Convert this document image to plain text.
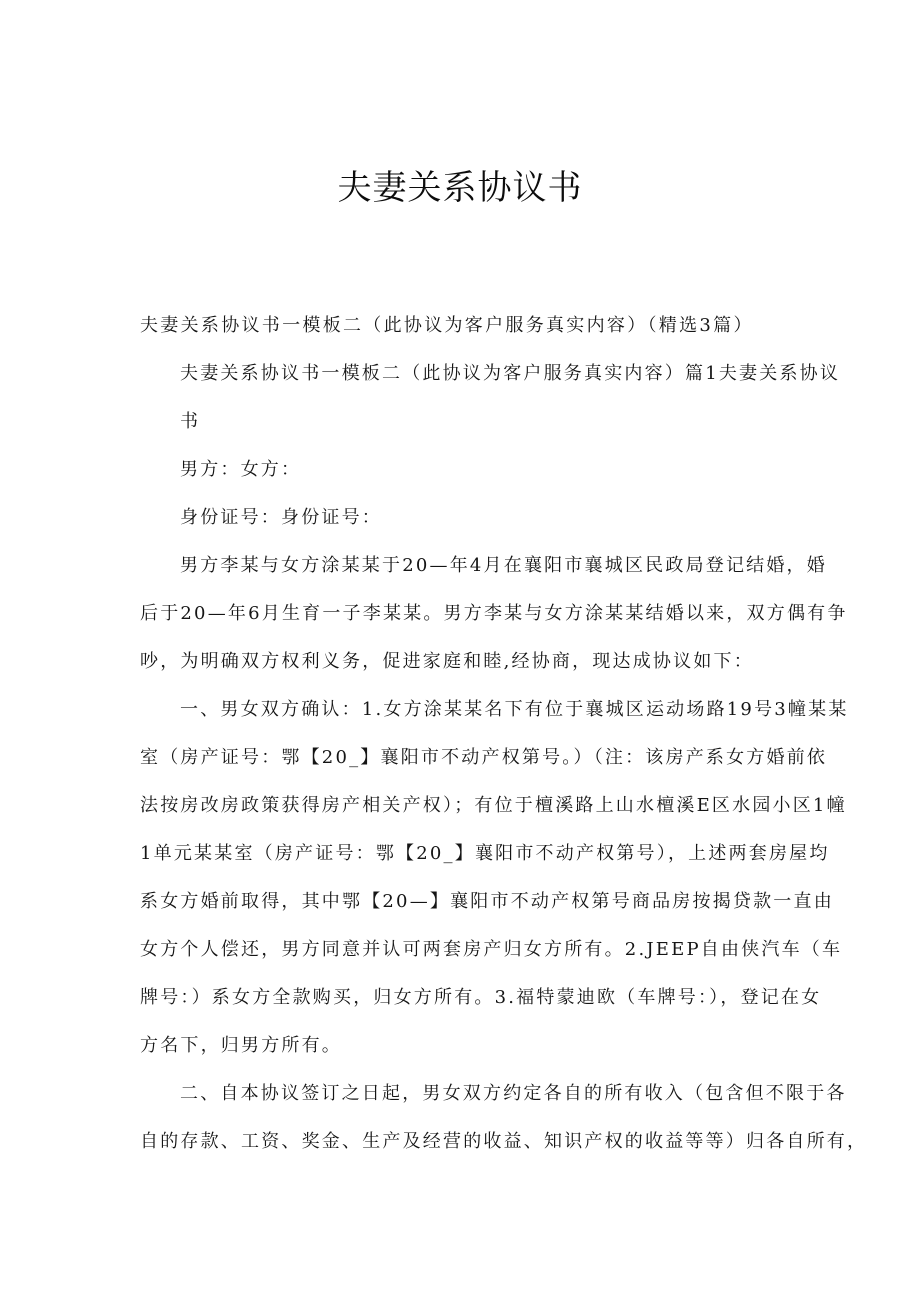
夫妻关系协议书
夫妻关系协议书一模板二（此协议为客户服务真实内容）（精选3篇）
夫妻关系协议书一模板二（此协议为客户服务真实内容）篇1夫妻关系协议
书
男方：女方：
身份证号：身份证号：
男方李某与女方涂某某于20—年4月在襄阳市襄城区民政局登记结婚，婚
后于20—年6月生育一子李某某。男方李某与女方涂某某结婚以来，双方偶有争
吵，为明确双方权利义务，促进家庭和睦,经协商，现达成协议如下：
一、男女双方确认：1.女方涂某某名下有位于襄城区运动场路19号3幢某某
室（房产证号：鄂【20_】襄阳市不动产权第号。）（注：该房产系女方婚前依
法按房改房政策获得房产相关产权）；有位于檀溪路上山水檀溪E区水园小区1幢
1单元某某室（房产证号：鄂【20_】襄阳市不动产权第号），上述两套房屋均
系女方婚前取得，其中鄂【20—】襄阳市不动产权第号商品房按揭贷款一直由
女方个人偿还，男方同意并认可两套房产归女方所有。2.JEEP自由侠汽车（车
牌号：）系女方全款购买，归女方所有。3.福特蒙迪欧（车牌号：），登记在女
方名下，归男方所有。
二、自本协议签订之日起，男女双方约定各自的所有收入（包含但不限于各
自的存款、工资、奖金、生产及经营的收益、知识产权的收益等等）归各自所有，
